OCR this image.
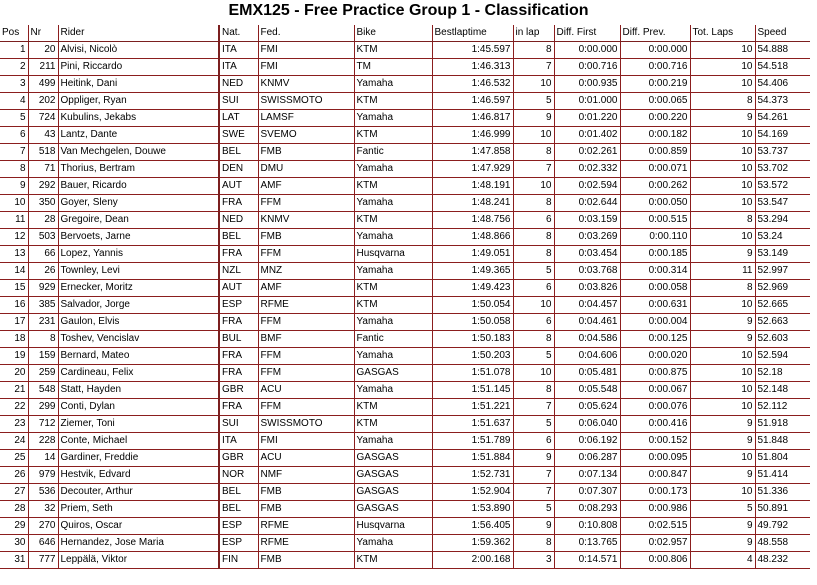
EMX125 - Free Practice Group 1 - Classification
Pos	Nr	Rider	Nat.	Fed.	Bike	Bestlaptime	in lap	Diff. First	Diff. Prev.	Tot. Laps	Speed
1	20	Alvisi, Nicolò	ITA	FMI	KTM	1:45.597	8	0:00.000	0:00.000	10	54.888
2	211	Pini, Riccardo	ITA	FMI	TM	1:46.313	7	0:00.716	0:00.716	10	54.518
3	499	Heitink, Dani	NED	KNMV	Yamaha	1:46.532	10	0:00.935	0:00.219	10	54.406
4	202	Oppliger, Ryan	SUI	SWISSMOTO	KTM	1:46.597	5	0:01.000	0:00.065	8	54.373
5	724	Kubulins, Jekabs	LAT	LAMSF	Yamaha	1:46.817	9	0:01.220	0:00.220	9	54.261
6	43	Lantz, Dante	SWE	SVEMO	KTM	1:46.999	10	0:01.402	0:00.182	10	54.169
7	518	Van Mechgelen, Douwe	BEL	FMB	Fantic	1:47.858	8	0:02.261	0:00.859	10	53.737
8	71	Thorius, Bertram	DEN	DMU	Yamaha	1:47.929	7	0:02.332	0:00.071	10	53.702
9	292	Bauer, Ricardo	AUT	AMF	KTM	1:48.191	10	0:02.594	0:00.262	10	53.572
10	350	Goyer, Sleny	FRA	FFM	Yamaha	1:48.241	8	0:02.644	0:00.050	10	53.547
11	28	Gregoire, Dean	NED	KNMV	KTM	1:48.756	6	0:03.159	0:00.515	8	53.294
12	503	Bervoets, Jarne	BEL	FMB	Yamaha	1:48.866	8	0:03.269	0:00.110	10	53.24
13	66	Lopez, Yannis	FRA	FFM	Husqvarna	1:49.051	8	0:03.454	0:00.185	9	53.149
14	26	Townley, Levi	NZL	MNZ	Yamaha	1:49.365	5	0:03.768	0:00.314	11	52.997
15	929	Ernecker, Moritz	AUT	AMF	KTM	1:49.423	6	0:03.826	0:00.058	8	52.969
16	385	Salvador, Jorge	ESP	RFME	KTM	1:50.054	10	0:04.457	0:00.631	10	52.665
17	231	Gaulon, Elvis	FRA	FFM	Yamaha	1:50.058	6	0:04.461	0:00.004	9	52.663
18	8	Toshev, Vencislav	BUL	BMF	Fantic	1:50.183	8	0:04.586	0:00.125	9	52.603
19	159	Bernard, Mateo	FRA	FFM	Yamaha	1:50.203	5	0:04.606	0:00.020	10	52.594
20	259	Cardineau, Felix	FRA	FFM	GASGAS	1:51.078	10	0:05.481	0:00.875	10	52.18
21	548	Statt, Hayden	GBR	ACU	Yamaha	1:51.145	8	0:05.548	0:00.067	10	52.148
22	299	Conti, Dylan	FRA	FFM	KTM	1:51.221	7	0:05.624	0:00.076	10	52.112
23	712	Ziemer, Toni	SUI	SWISSMOTO	KTM	1:51.637	5	0:06.040	0:00.416	9	51.918
24	228	Conte, Michael	ITA	FMI	Yamaha	1:51.789	6	0:06.192	0:00.152	9	51.848
25	14	Gardiner, Freddie	GBR	ACU	GASGAS	1:51.884	9	0:06.287	0:00.095	10	51.804
26	979	Hestvik, Edvard	NOR	NMF	GASGAS	1:52.731	7	0:07.134	0:00.847	9	51.414
27	536	Decouter, Arthur	BEL	FMB	GASGAS	1:52.904	7	0:07.307	0:00.173	10	51.336
28	32	Priem, Seth	BEL	FMB	GASGAS	1:53.890	5	0:08.293	0:00.986	5	50.891
29	270	Quiros, Oscar	ESP	RFME	Husqvarna	1:56.405	9	0:10.808	0:02.515	9	49.792
30	646	Hernandez, Jose Maria	ESP	RFME	Yamaha	1:59.362	8	0:13.765	0:02.957	9	48.558
31	777	Leppälä, Viktor	FIN	FMB	KTM	2:00.168	3	0:14.571	0:00.806	4	48.232
